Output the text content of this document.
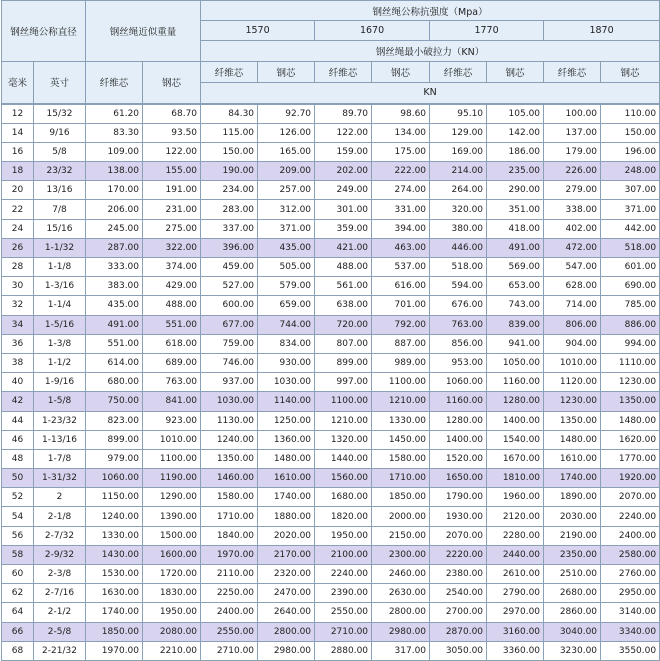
钢丝绳公称直径		钢丝绳近似重量		钢丝绳公称抗强度（Mpa）							
				1570		1670		1770		1870	
				钢丝绳最小破拉力（KN）							
毫米	英寸	纤维芯	钢芯	纤维芯	钢芯	纤维芯	钢芯	纤维芯	钢芯	纤维芯	钢芯
				KN							
12	15/32	61.20	68.70	84.30	92.70	89.70	98.60	95.10	105.00	100.00	110.00
14	9/16	83.30	93.50	115.00	126.00	122.00	134.00	129.00	142.00	137.00	150.00
16	5/8	109.00	122.00	150.00	165.00	159.00	175.00	169.00	186.00	179.00	196.00
18	23/32	138.00	155.00	190.00	209.00	202.00	222.00	214.00	235.00	226.00	248.00
20	13/16	170.00	191.00	234.00	257.00	249.00	274.00	264.00	290.00	279.00	307.00
22	7/8	206.00	231.00	283.00	312.00	301.00	331.00	320.00	351.00	338.00	371.00
24	15/16	245.00	275.00	337.00	371.00	359.00	394.00	380.00	418.00	402.00	442.00
26	1-1/32	287.00	322.00	396.00	435.00	421.00	463.00	446.00	491.00	472.00	518.00
28	1-1/8	333.00	374.00	459.00	505.00	488.00	537.00	518.00	569.00	547.00	601.00
30	1-3/16	383.00	429.00	527.00	579.00	561.00	616.00	594.00	653.00	628.00	690.00
32	1-1/4	435.00	488.00	600.00	659.00	638.00	701.00	676.00	743.00	714.00	785.00
34	1-5/16	491.00	551.00	677.00	744.00	720.00	792.00	763.00	839.00	806.00	886.00
36	1-3/8	551.00	618.00	759.00	834.00	807.00	887.00	856.00	941.00	904.00	994.00
38	1-1/2	614.00	689.00	746.00	930.00	899.00	989.00	953.00	1050.00	1010.00	1110.00
40	1-9/16	680.00	763.00	937.00	1030.00	997.00	1100.00	1060.00	1160.00	1120.00	1230.00
42	1-5/8	750.00	841.00	1030.00	1140.00	1100.00	1210.00	1160.00	1280.00	1230.00	1350.00
44	1-23/32	823.00	923.00	1130.00	1250.00	1210.00	1330.00	1280.00	1400.00	1350.00	1480.00
46	1-13/16	899.00	1010.00	1240.00	1360.00	1320.00	1450.00	1400.00	1540.00	1480.00	1620.00
48	1-7/8	979.00	1100.00	1350.00	1480.00	1440.00	1580.00	1520.00	1670.00	1610.00	1770.00
50	1-31/32	1060.00	1190.00	1460.00	1610.00	1560.00	1710.00	1650.00	1810.00	1740.00	1920.00
52	2	1150.00	1290.00	1580.00	1740.00	1680.00	1850.00	1790.00	1960.00	1890.00	2070.00
54	2-1/8	1240.00	1390.00	1710.00	1880.00	1820.00	2000.00	1930.00	2120.00	2030.00	2240.00
56	2-7/32	1330.00	1500.00	1840.00	2020.00	1950.00	2150.00	2070.00	2280.00	2190.00	2400.00
58	2-9/32	1430.00	1600.00	1970.00	2170.00	2100.00	2300.00	2220.00	2440.00	2350.00	2580.00
60	2-3/8	1530.00	1720.00	2110.00	2320.00	2240.00	2460.00	2380.00	2610.00	2510.00	2760.00
62	2-7/16	1630.00	1830.00	2250.00	2470.00	2390.00	2630.00	2540.00	2790.00	2680.00	2950.00
64	2-1/2	1740.00	1950.00	2400.00	2640.00	2550.00	2800.00	2700.00	2970.00	2860.00	3140.00
66	2-5/8	1850.00	2080.00	2550.00	2800.00	2710.00	2980.00	2870.00	3160.00	3040.00	3340.00
68	2-21/32	1970.00	2210.00	2710.00	2980.00	2880.00	317.00	3050.00	3360.00	3230.00	3550.00
